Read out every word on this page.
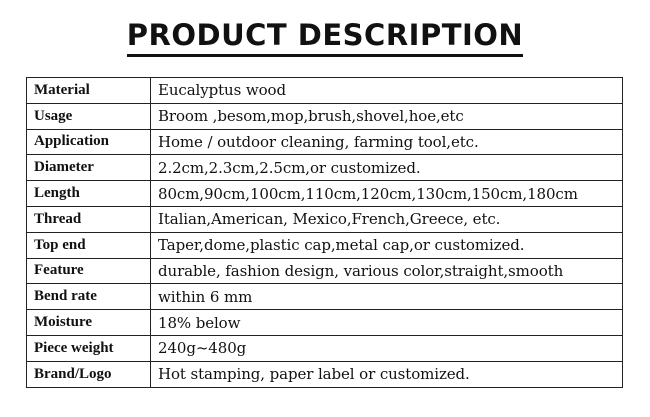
PRODUCT DESCRIPTION
Material	Eucalyptus wood
Usage	Broom ,besom,mop,brush,shovel,hoe,etc
Application	Home / outdoor cleaning, farming tool,etc.
Diameter	2.2cm,2.3cm,2.5cm,or customized.
Length	80cm,90cm,100cm,110cm,120cm,130cm,150cm,180cm
Thread	Italian,American, Mexico,French,Greece, etc.
Top end	Taper,dome,plastic cap,metal cap,or customized.
Feature	durable, fashion design, various color,straight,smooth
Bend rate	within 6 mm
Moisture	18% below
Piece weight	240g~480g
Brand/Logo	Hot stamping, paper label or customized.
